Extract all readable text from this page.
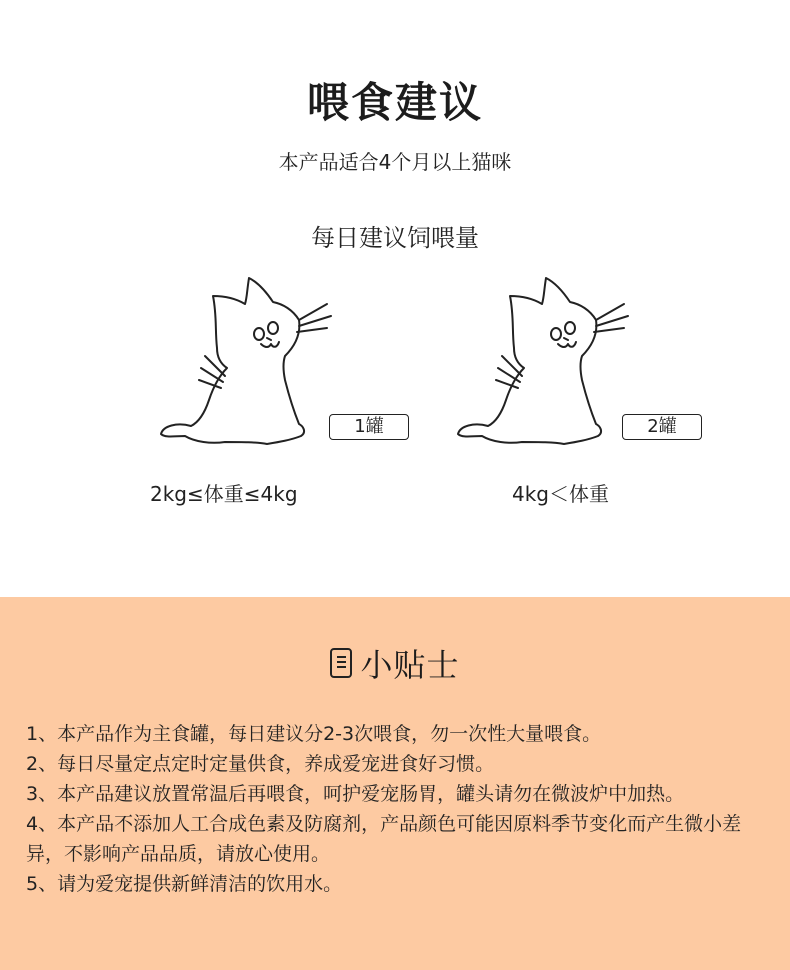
喂食建议
本产品适合4个月以上猫咪
每日建议饲喂量
1罐
2kg≤体重≤4kg
2罐
4kg＜体重
小贴士

1、本产品作为主食罐，每日建议分2-3次喂食，勿一次性大量喂食。

2、每日尽量定点定时定量供食，养成爱宠进食好习惯。

3、本产品建议放置常温后再喂食，呵护爱宠肠胃，罐头请勿在微波炉中加热。

4、本产品不添加人工合成色素及防腐剂，产品颜色可能因原料季节变化而产生微小差异，不影响产品品质，请放心使用。

5、请为爱宠提供新鲜清洁的饮用水。
